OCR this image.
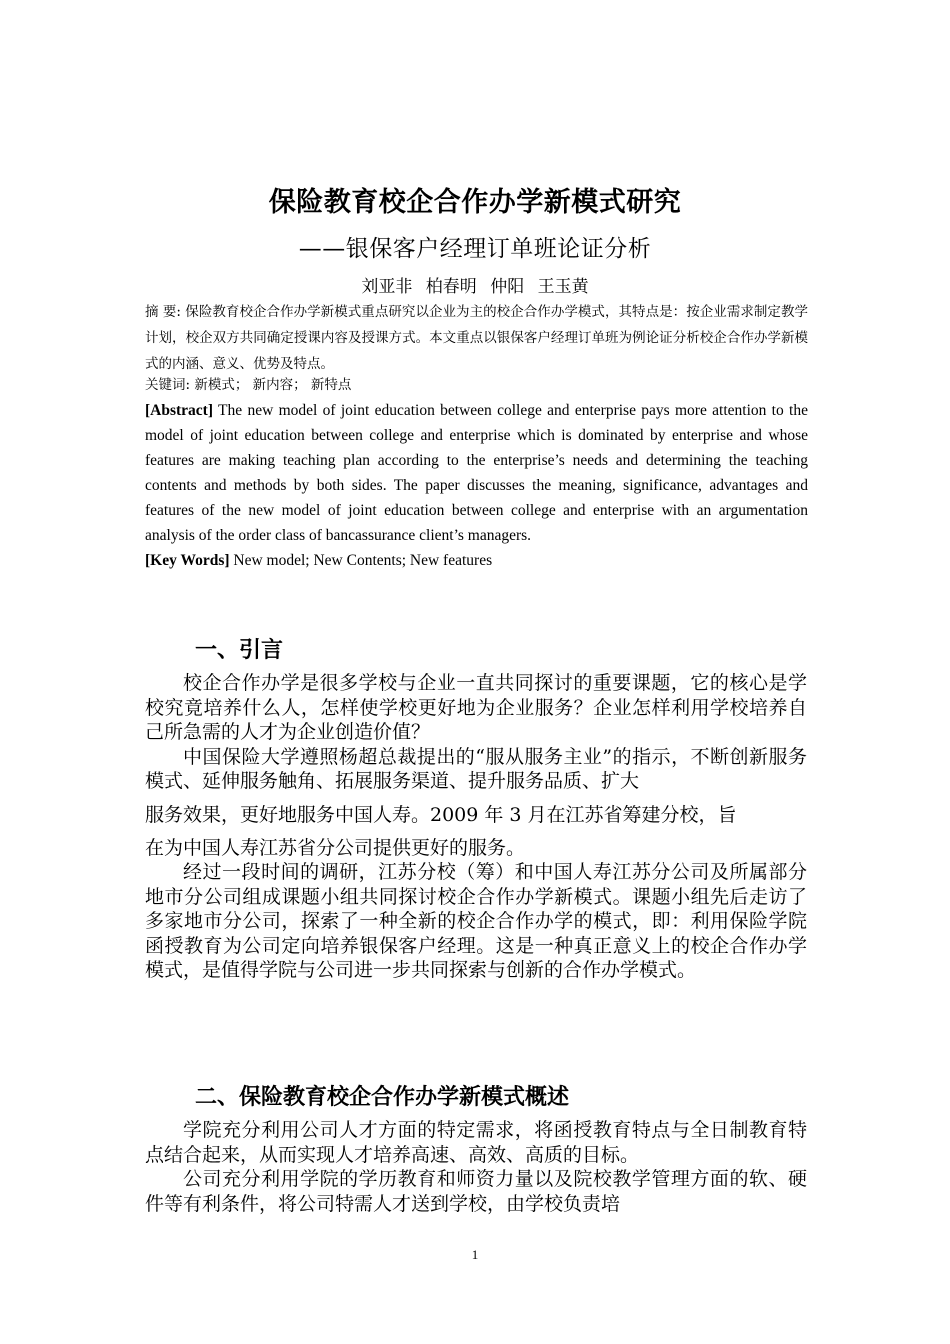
保险教育校企合作办学新模式研究
——银保客户经理订单班论证分析
刘亚非 柏春明 仲阳 王玉黄
摘 要: 保险教育校企合作办学新模式重点研究以企业为主的校企合作办学模式，其特点是：按企业需求制定教学计划，校企双方共同确定授课内容及授课方式。本文重点以银保客户经理订单班为例论证分析校企合作办学新模式的内涵、意义、优势及特点。
关键词: 新模式； 新内容； 新特点
[Abstract] The new model of joint education between college and enterprise pays more attention to the model of joint education between college and enterprise which is dominated by enterprise and whose features are making teaching plan according to the enterprise’s needs and determining the teaching contents and methods by both sides. The paper discusses the meaning, significance, advantages and features of the new model of joint education between college and enterprise with an argumentation analysis of the order class of bancassurance client’s managers.
[Key Words] New model; New Contents; New features
一、引言

校企合作办学是很多学校与企业一直共同探讨的重要课题，它的核心是学校究竟培养什么人，怎样使学校更好地为企业服务？企业怎样利用学校培养自己所急需的人才为企业创造价值？

中国保险大学遵照杨超总裁提出的“服从服务主业”的指示，不断创新服务模式、延伸服务触角、拓展服务渠道、提升服务品质、扩大

服务效果，更好地服务中国人寿。2009 年 3 月在江苏省筹建分校，旨

在为中国人寿江苏省分公司提供更好的服务。

经过一段时间的调研，江苏分校（筹）和中国人寿江苏分公司及所属部分地市分公司组成课题小组共同探讨校企合作办学新模式。课题小组先后走访了多家地市分公司，探索了一种全新的校企合作办学的模式，即：利用保险学院函授教育为公司定向培养银保客户经理。这是一种真正意义上的校企合作办学模式，是值得学院与公司进一步共同探索与创新的合作办学模式。

二、保险教育校企合作办学新模式概述

学院充分利用公司人才方面的特定需求，将函授教育特点与全日制教育特点结合起来，从而实现人才培养高速、高效、高质的目标。

公司充分利用学院的学历教育和师资力量以及院校教学管理方面的软、硬件等有利条件，将公司特需人才送到学校，由学校负责培

1
